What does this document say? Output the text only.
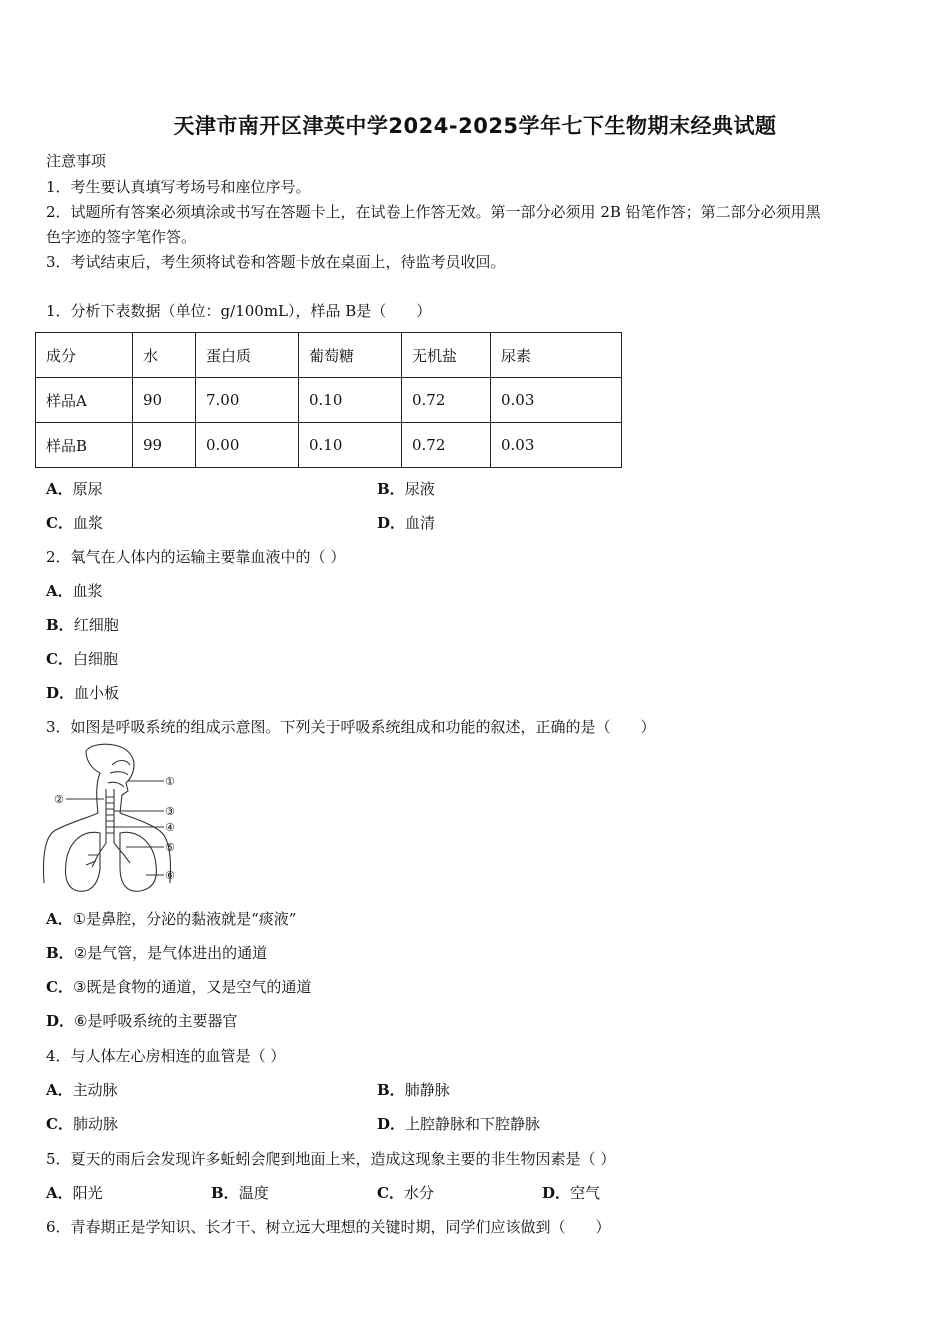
天津市南开区津英中学2024-2025学年七下生物期末经典试题
注意事项
1．考生要认真填写考场号和座位序号。
2．试题所有答案必须填涂或书写在答题卡上，在试卷上作答无效。第一部分必须用 2B 铅笔作答；第二部分必须用黑
色字迹的签字笔作答。
3．考试结束后，考生须将试卷和答题卡放在桌面上，待监考员收回。
1．分析下表数据（单位：g/100mL），样品 B是（　　）
成分	水	蛋白质	葡萄糖	无机盐	尿素
样品A	90	7.00	0.10	0.72	0.03
样品B	99	0.00	0.10	0.72	0.03
A．原尿	B．尿液
C．血浆	D．血清
2．氧气在人体内的运输主要靠血液中的（ ）
A．血浆
B．红细胞
C．白细胞
D．血小板
3．如图是呼吸系统的组成示意图。下列关于呼吸系统组成和功能的叙述，正确的是（　　）
①
②
③
④
⑤
⑥
A．①是鼻腔，分泌的黏液就是“痰液”
B．②是气管，是气体进出的通道
C．③既是食物的通道，又是空气的通道
D．⑥是呼吸系统的主要器官
4．与人体左心房相连的血管是（ ）
A．主动脉	B．肺静脉
C．肺动脉	D．上腔静脉和下腔静脉
5．夏天的雨后会发现许多蚯蚓会爬到地面上来，造成这现象主要的非生物因素是（ ）
A．阳光	B．温度	C．水分	D．空气
6．青春期正是学知识、长才干、树立远大理想的关键时期，同学们应该做到（　　）
